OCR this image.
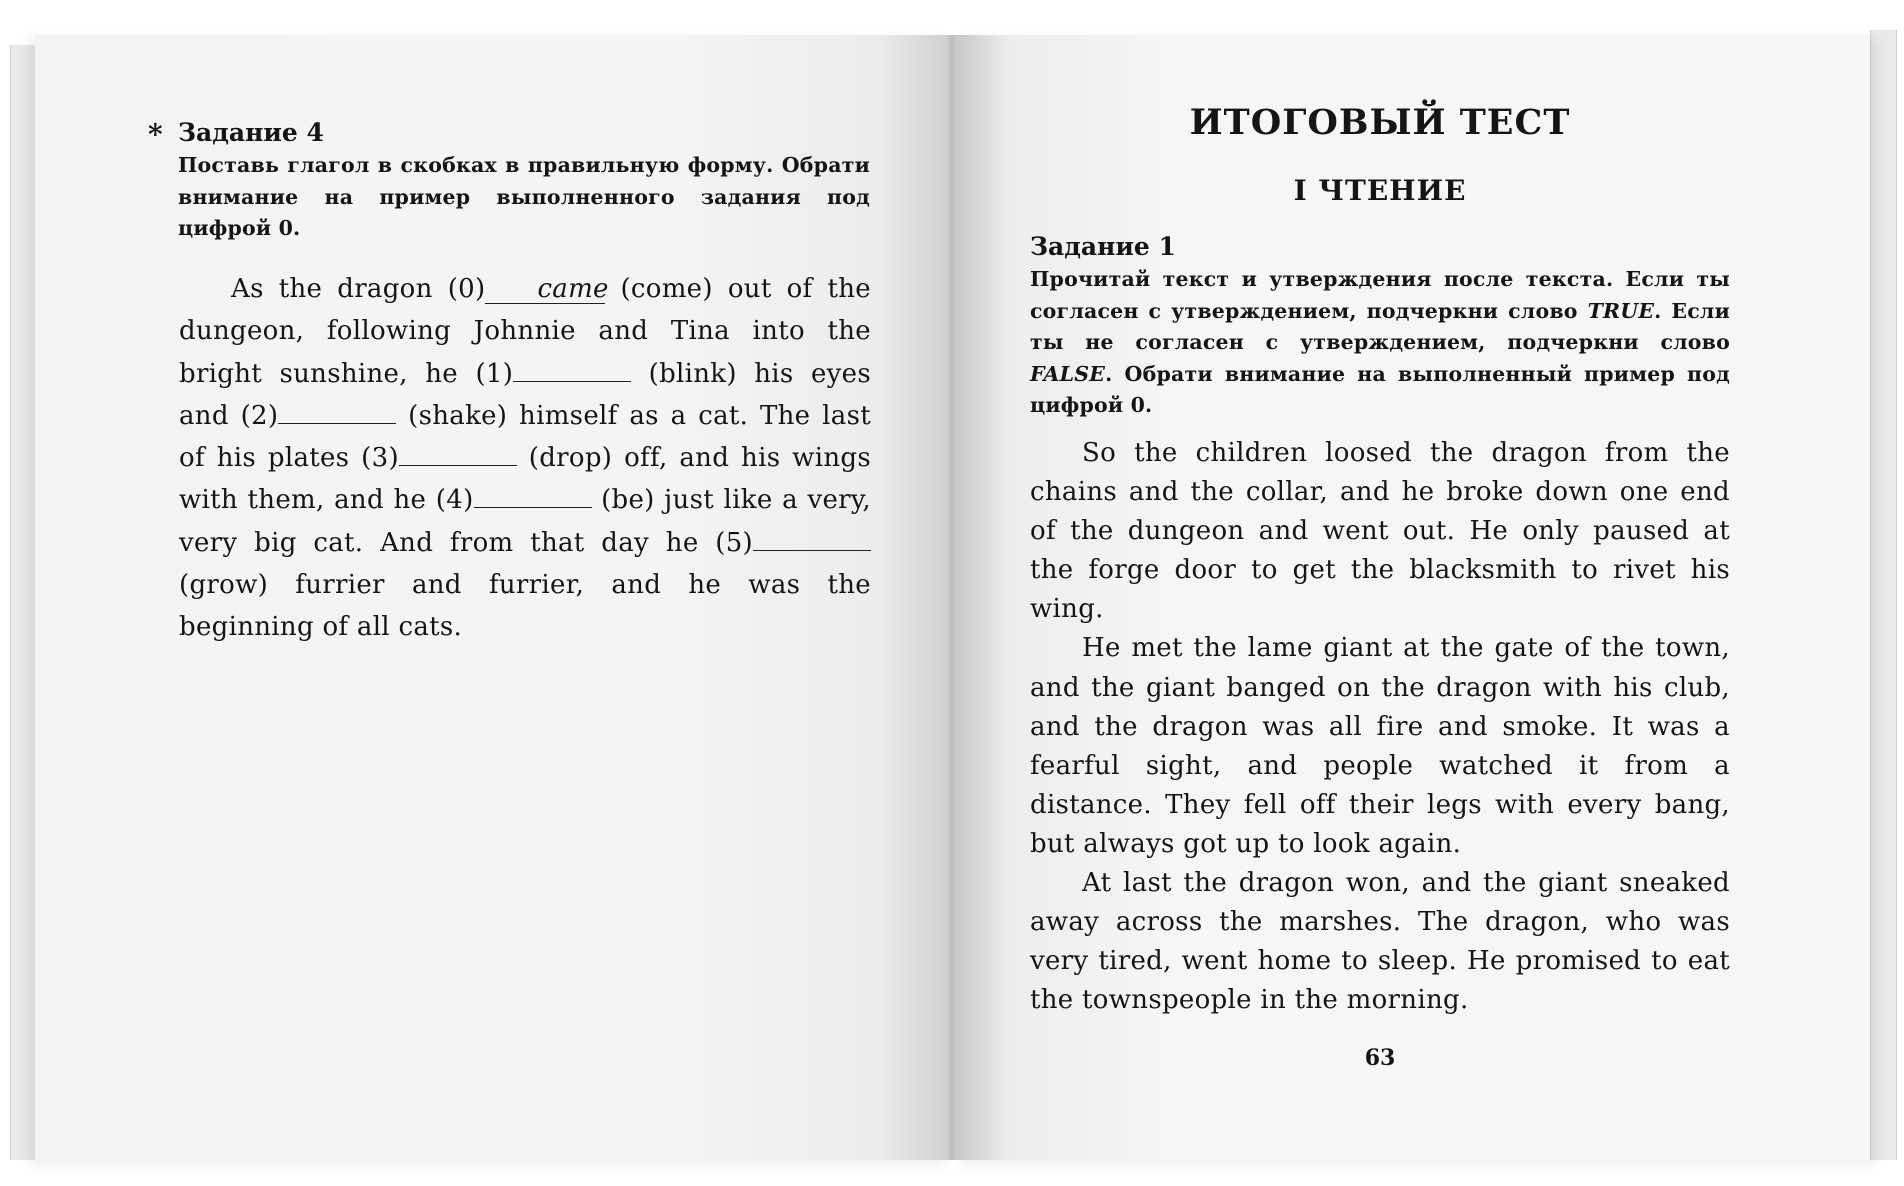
* Задание 4
Поставь глагол в скобках в правильную форму. Обрати внимание на пример выполненного задания под цифрой 0.

As the dragon (0) came (come) out of the dungeon, following Johnnie and Tina into the bright sunshine, he (1)	(blink) his eyes and (2)	(shake) himself as a cat. The last of his plates (3)	(drop) off, and his wings with them, and he (4)	(be) just like a very, very big cat. And from that day he (5) (grow) furrier and furrier, and he was the beginning of all cats.

ИТОГОВЫЙ ТЕСТ
I ЧТЕНИЕ
Задание 1
Прочитай текст и утверждения после текста. Если ты согласен с утверждением, подчеркни слово TRUE. Если ты не согласен с утверждением, подчеркни слово FALSE. Обрати внимание на выполненный пример под цифрой 0.

So the children loosed the dragon from the chains and the collar, and he broke down one end of the dungeon and went out. He only paused at the forge door to get the blacksmith to rivet his wing.

He met the lame giant at the gate of the town, and the giant banged on the dragon with his club, and the dragon was all fire and smoke. It was a fearful sight, and people watched it from a distance. They fell off their legs with every bang, but always got up to look again.

At last the dragon won, and the giant sneaked away across the marshes. The dragon, who was very tired, went home to sleep. He promised to eat the townspeople in the morning.

63
